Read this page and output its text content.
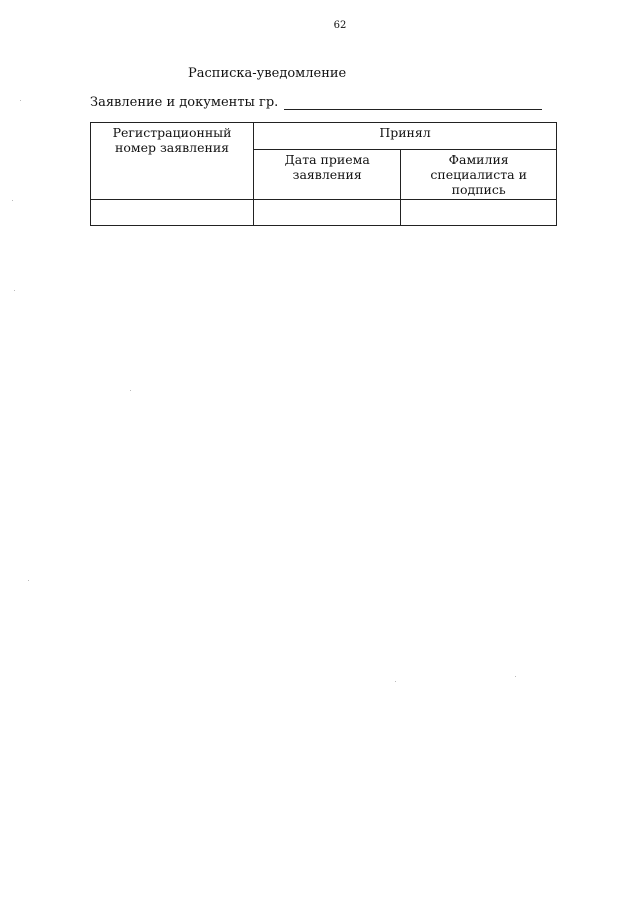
62
Расписка-уведомление
Заявление и документы гр.
Регистрационный номер заявления	Принял	
	Дата приема заявления	Фамилия специалиста и подпись
